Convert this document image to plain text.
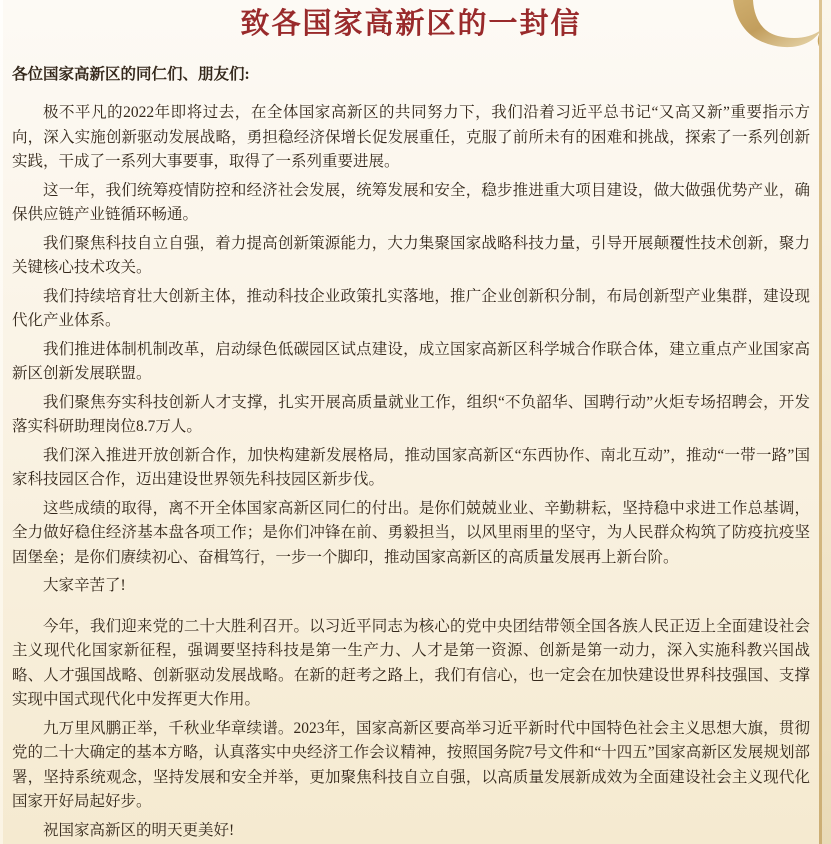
致各国家高新区的一封信
各位国家高新区的同仁们、朋友们:

极不平凡的2022年即将过去，在全体国家高新区的共同努力下，我们沿着习近平总书记“又高又新”重要指示方向，深入实施创新驱动发展战略，勇担稳经济保增长促发展重任，克服了前所未有的困难和挑战，探索了一系列创新实践，干成了一系列大事要事，取得了一系列重要进展。

这一年，我们统筹疫情防控和经济社会发展，统筹发展和安全，稳步推进重大项目建设，做大做强优势产业，确保供应链产业链循环畅通。

我们聚焦科技自立自强，着力提高创新策源能力，大力集聚国家战略科技力量，引导开展颠覆性技术创新，聚力关键核心技术攻关。

我们持续培育壮大创新主体，推动科技企业政策扎实落地，推广企业创新积分制，布局创新型产业集群，建设现代化产业体系。

我们推进体制机制改革，启动绿色低碳园区试点建设，成立国家高新区科学城合作联合体，建立重点产业国家高新区创新发展联盟。

我们聚焦夯实科技创新人才支撑，扎实开展高质量就业工作，组织“不负韶华、国聘行动”火炬专场招聘会，开发落实科研助理岗位8.7万人。

我们深入推进开放创新合作，加快构建新发展格局，推动国家高新区“东西协作、南北互动”，推动“一带一路”国家科技园区合作，迈出建设世界领先科技园区新步伐。

这些成绩的取得，离不开全体国家高新区同仁的付出。是你们兢兢业业、辛勤耕耘，坚持稳中求进工作总基调，全力做好稳住经济基本盘各项工作；是你们冲锋在前、勇毅担当，以风里雨里的坚守，为人民群众构筑了防疫抗疫坚固堡垒；是你们赓续初心、奋楫笃行，一步一个脚印，推动国家高新区的高质量发展再上新台阶。

大家辛苦了!

今年，我们迎来党的二十大胜利召开。以习近平同志为核心的党中央团结带领全国各族人民正迈上全面建设社会主义现代化国家新征程，强调要坚持科技是第一生产力、人才是第一资源、创新是第一动力，深入实施科教兴国战略、人才强国战略、创新驱动发展战略。在新的赶考之路上，我们有信心，也一定会在加快建设世界科技强国、支撑实现中国式现代化中发挥更大作用。

九万里风鹏正举，千秋业华章续谱。2023年，国家高新区要高举习近平新时代中国特色社会主义思想大旗，贯彻党的二十大确定的基本方略，认真落实中央经济工作会议精神，按照国务院7号文件和“十四五”国家高新区发展规划部署，坚持系统观念，坚持发展和安全并举，更加聚焦科技自立自强，以高质量发展新成效为全面建设社会主义现代化国家开好局起好步。

祝国家高新区的明天更美好!
